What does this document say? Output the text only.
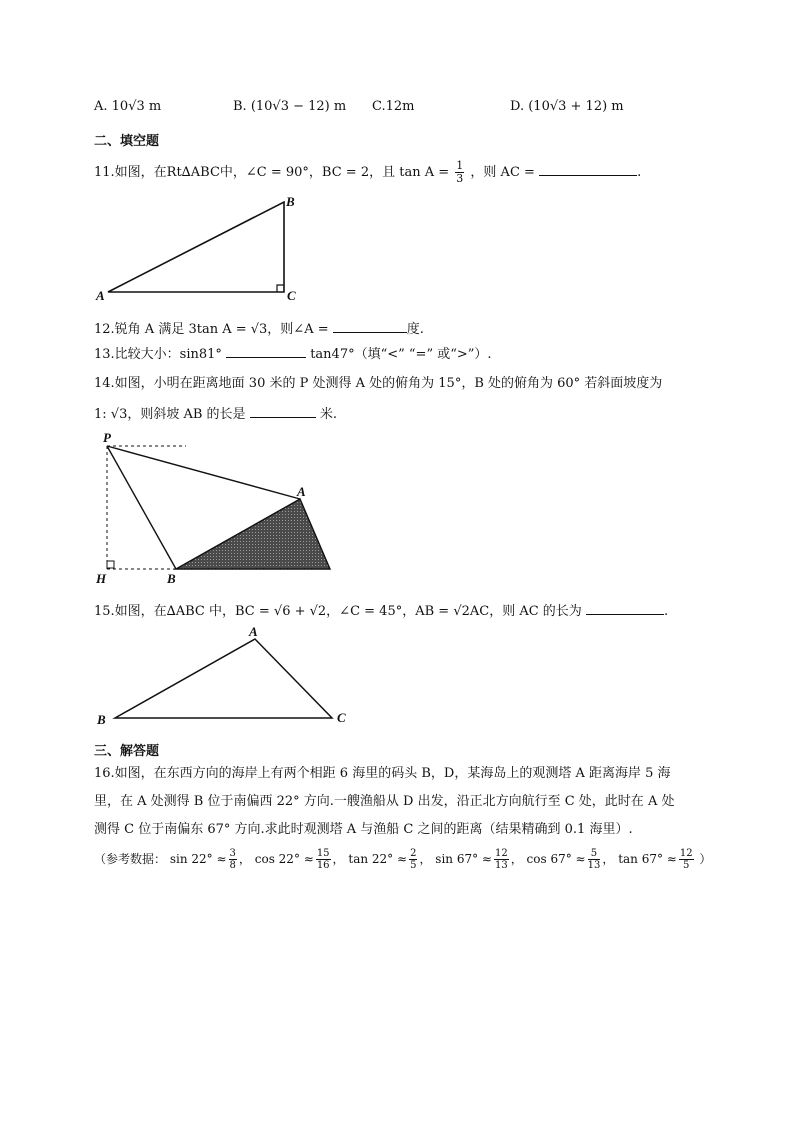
A. 10√3 m	B. (10√3 − 12) m C.12m	D. (10√3 + 12) m
二、填空题
11.如图，在Rt∆ABC中，∠C = 90°，BC = 2，且 $\tan A = \frac{1}{3}$ ，则 AC =	.
A
B
C
12.锐角 A 满足 3tan A = √3，则∠A =	度.
13.比较大小：sin81°	tan47°（填“<” “=” 或“>”）.
14.如图，小明在距离地面 30 米的 P 处测得 A 处的俯角为 15°，B 处的俯角为 60° 若斜面坡度为
1: √3，则斜坡 AB 的长是	米.
P
A
H	B
15.如图，在∆ABC 中，BC = √6 + √2，∠C = 45°，AB = √2AC，则 AC 的长为	.
A
B	C
三、解答题
16.如图，在东西方向的海岸上有两个相距 6 海里的码头 B，D，某海岛上的观测塔 A 距离海岸 5 海
里，在 A 处测得 B 位于南偏西 22° 方向.一艘渔船从 D 出发，沿正北方向航行至 C 处，此时在 A 处
测得 C 位于南偏东 67° 方向.求此时观测塔 A 与渔船 C 之间的距离（结果精确到 0.1 海里）.
（参考数据： $\sin 22^\circ \approx \frac{3}{8}$ ， $\cos 22^\circ \approx \frac{15}{16}$ ， $\tan 22^\circ \approx \frac{2}{5}$ ， $\sin 67^\circ \approx \frac{12}{13}$ ， $\cos 67^\circ \approx \frac{5}{13}$ ， $\tan 67^\circ \approx \frac{12}{5}$ ）
